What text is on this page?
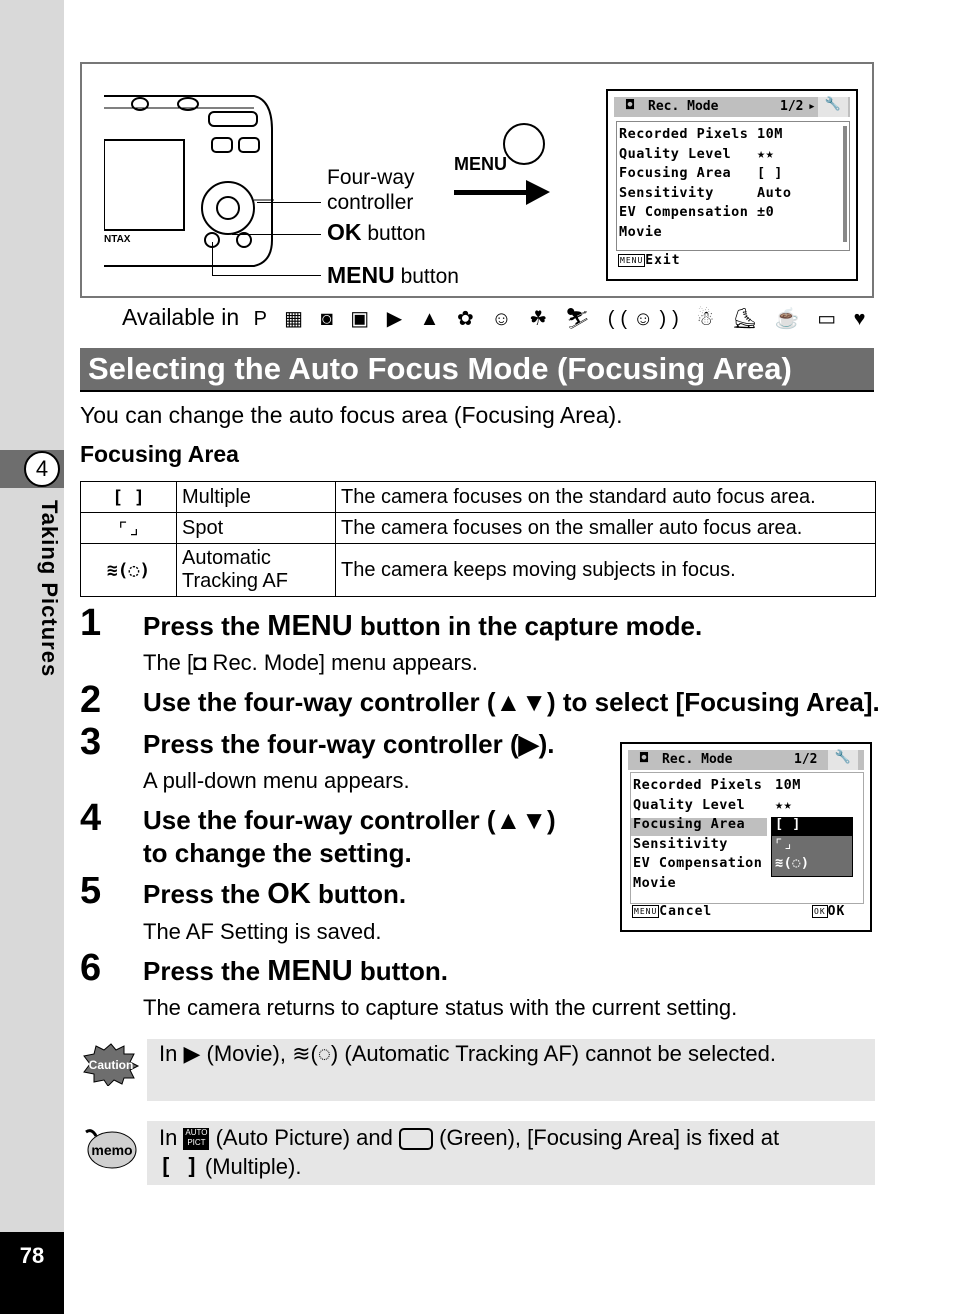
4
Taking Pictures
78
NTAX
Four-way
controller
OK button
MENU button
MENU
◘ Rec. Mode	1/2 ▸ 🔧
Recorded Pixels 10M
Quality Level ★★
Focusing Area [ ]
Sensitivity	Auto
EV Compensation ±0
Movie
MENU Exit
Available in P ▦ ◙ ▣ ▶ ▲ ✿ ☺ ☘ ⛷ ((☺)) ☃ ⛸ ☕ ▭ ♥
Selecting the Auto Focus Mode (Focusing Area)
You can change the auto focus area (Focusing Area).
Focusing Area
[ ]	Multiple	The camera focuses on the standard auto focus area.
⌜⌟	Spot	The camera focuses on the smaller auto focus area.
≋(◌)	Automatic Tracking AF	The camera keeps moving subjects in focus.
1 Press the MENU button in the capture mode.
The [◘ Rec. Mode] menu appears.
2 Use the four-way controller (▲▼) to select [Focusing Area].
3 Press the four-way controller (▶).
A pull-down menu appears.
4 Use the four-way controller (▲▼)
to change the setting.
5 Press the OK button.
The AF Setting is saved.
6 Press the MENU button.
The camera returns to capture status with the current setting.
◘ Rec. Mode	1/2	🔧
Recorded Pixels 10M
Quality Level ★★
Focusing Area [ ]
Sensitivity	⌜⌟
EV Compensation ≋(◌)
Movie
MENU Cancel	OK OK
Caution	In ▶ (Movie), ≋(◌) (Automatic Tracking AF) cannot be selected.
memo	In AUTO
PICT (Auto Picture) and  (Green), [Focusing Area] is fixed at
[ ] (Multiple).
